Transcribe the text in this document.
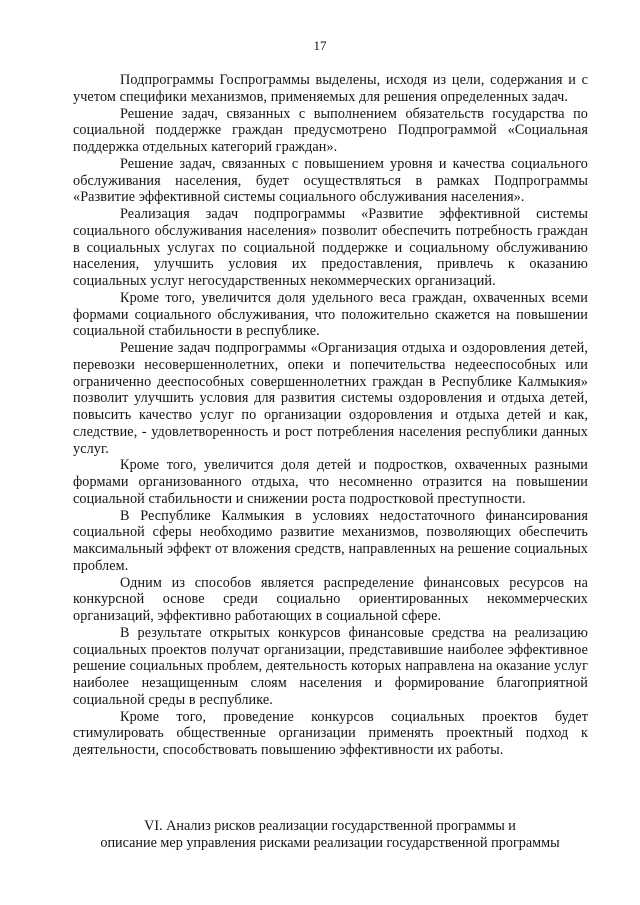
17

Подпрограммы Госпрограммы выделены, исходя из цели, содержания и с учетом специфики механизмов, применяемых для решения определенных задач.

Решение задач, связанных с выполнением обязательств государства по социальной поддержке граждан предусмотрено Подпрограммой «Социальная поддержка отдельных категорий граждан».

Решение задач, связанных с повышением уровня и качества социального обслуживания населения, будет осуществляться в рамках Подпрограммы «Развитие эффективной системы социального обслуживания населения».

Реализация задач подпрограммы «Развитие эффективной системы социального обслуживания населения» позволит обеспечить потребность граждан в социальных услугах по социальной поддержке и социальному обслуживанию населения, улучшить условия их предоставления, привлечь к оказанию социальных услуг негосударственных некоммерческих организаций.

Кроме того, увеличится доля удельного веса граждан, охваченных всеми формами социального обслуживания, что положительно скажется на повышении социальной стабильности в республике.

Решение задач подпрограммы «Организация отдыха и оздоровления детей, перевозки несовершеннолетних, опеки и попечительства недееспособных или ограниченно дееспособных совершеннолетних граждан в Республике Калмыкия» позволит улучшить условия для развития системы оздоровления и отдыха детей, повысить качество услуг по организации оздоровления и отдыха детей и как, следствие, - удовлетворенность и рост потребления населения республики данных услуг.

Кроме того, увеличится доля детей и подростков, охваченных разными формами организованного отдыха, что несомненно отразится на повышении социальной стабильности и снижении роста подростковой преступности.

В Республике Калмыкия в условиях недостаточного финансирования социальной сферы необходимо развитие механизмов, позволяющих обеспечить максимальный эффект от вложения средств, направленных на решение социальных проблем.

Одним из способов является распределение финансовых ресурсов на конкурсной основе среди социально ориентированных некоммерческих организаций, эффективно работающих в социальной сфере.

В результате открытых конкурсов финансовые средства на реализацию социальных проектов получат организации, представившие наиболее эффективное решение социальных проблем, деятельность которых направлена на оказание услуг наиболее незащищенным слоям населения и формирование благоприятной социальной среды в республике.

Кроме того, проведение конкурсов социальных проектов будет стимулировать общественные организации применять проектный подход к деятельности, способствовать повышению эффективности их работы.

VI. Анализ рисков реализации государственной программы и
описание мер управления рисками реализации государственной программы
